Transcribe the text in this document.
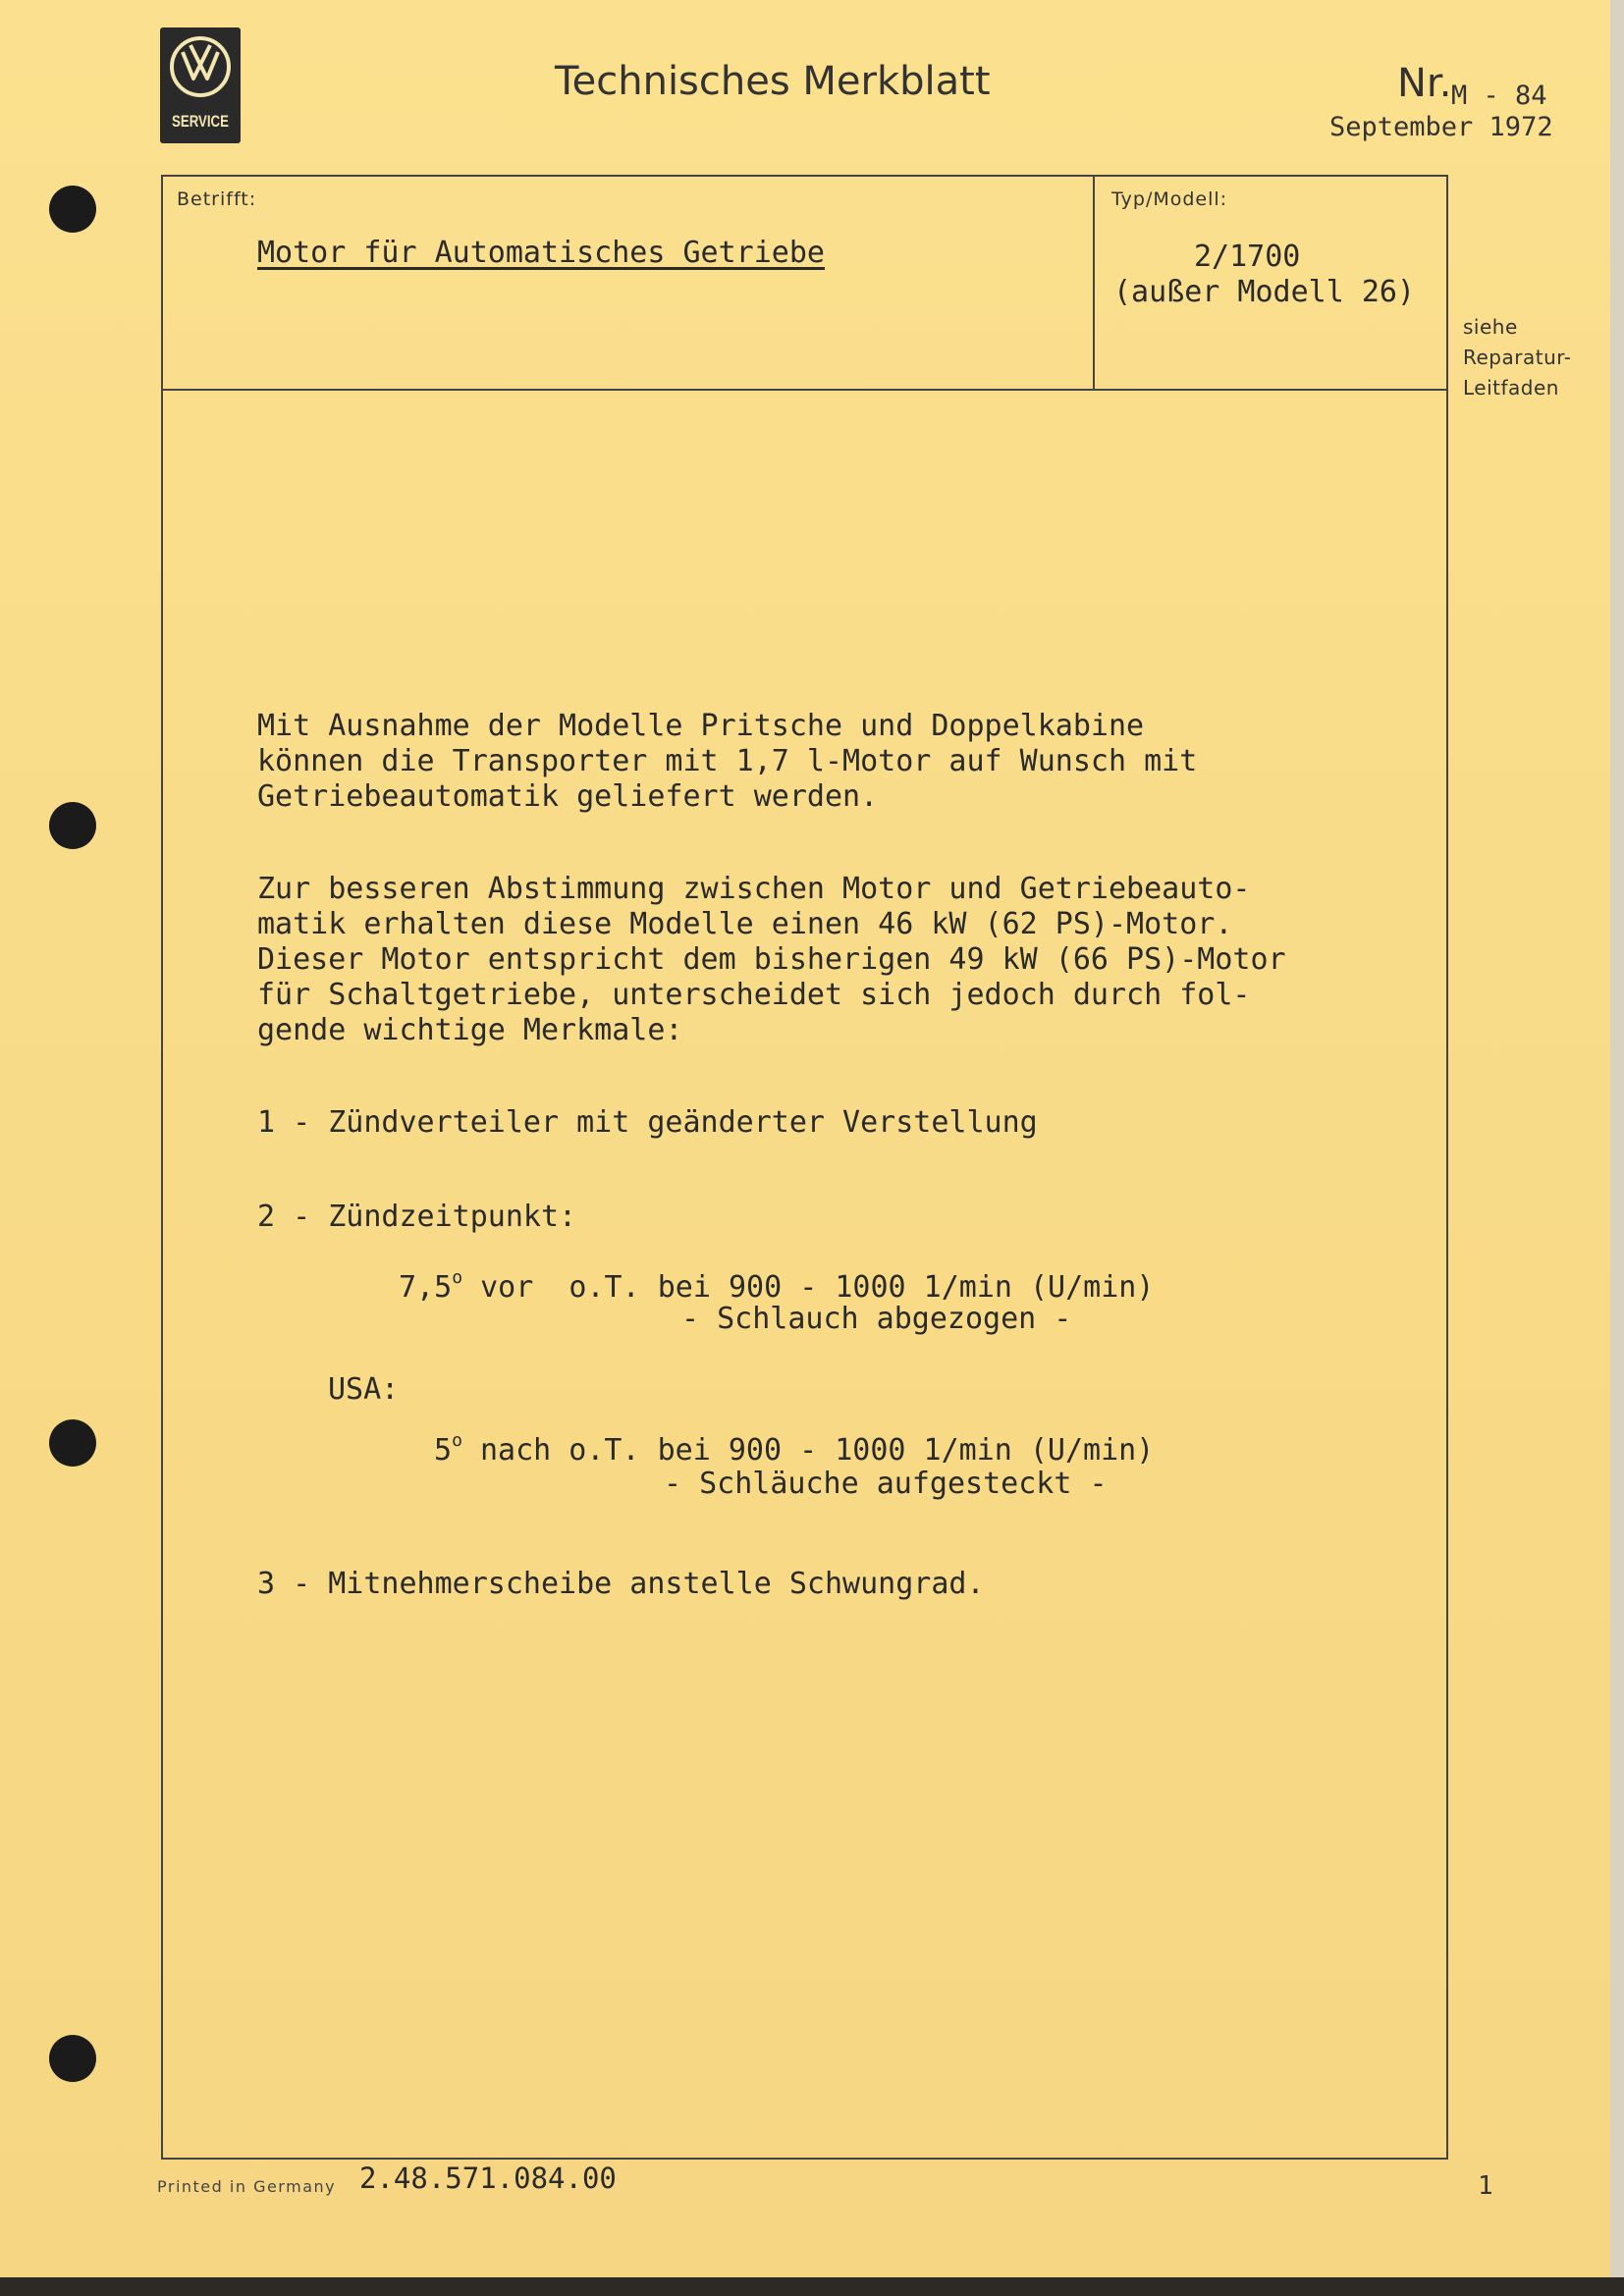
SERVICE
Technisches Merkblatt	Nr. M - 84
September 1972
Betrifft:	Typ/Modell:
Motor für Automatisches Getriebe	2/1700
(außer Modell 26)
siehe
Reparatur-
Leitfaden
Mit Ausnahme der Modelle Pritsche und Doppelkabine
können die Transporter mit 1,7 l-Motor auf Wunsch mit
Getriebeautomatik geliefert werden.
Zur besseren Abstimmung zwischen Motor und Getriebeauto-
matik erhalten diese Modelle einen 46 kW (62 PS)-Motor.
Dieser Motor entspricht dem bisherigen 49 kW (66 PS)-Motor
für Schaltgetriebe, unterscheidet sich jedoch durch fol-
gende wichtige Merkmale:
1 - Zündverteiler mit geänderter Verstellung
2 - Zündzeitpunkt:
7,5$^o$ vor  o.T. bei 900 - 1000 1/min (U/min)
- Schlauch abgezogen -
USA:
5$^o$ nach o.T. bei 900 - 1000 1/min (U/min)
- Schläuche aufgesteckt -
3 - Mitnehmerscheibe anstelle Schwungrad.
Printed in Germany 2.48.571.084.00	1
